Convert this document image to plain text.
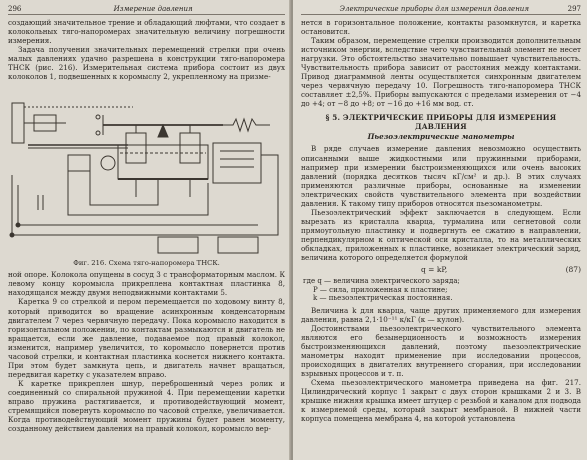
296	Измерение давления

создающий значительное трение и обладающий люфтами, что создает в колокольных тяго-напоромерах значительную величину погрешности измерения.

Задача получения значительных перемещений стрелки при очень малых давлениях удачно разрешена в конструкции тяго-напоромера ТНСК (рис. 216). Измерительная система прибора состоит из двух колоколов 1, подвешенных к коромыслу 2, укрепленному на призме-

Фиг. 216. Схема тяго-напоромера ТНСК.

ной опоре. Колокола опущены в сосуд 3 с трансформаторным маслом. К левому концу коромысла прикреплена контактная пластинка 8, находящаяся между двумя неподвижными контактами 5.

Каретка 9 со стрелкой и пером перемещается по ходовому винту 8, который приводится во вращение асинхронным конденсаторным двигателем 7 через червячную передачу. Пока коромысло находится в горизонтальном положении, по контактам размыкаются и двигатель не вращается, если же давление, подаваемое под правый колокол, изменится, например увеличится, то коромысло повернется против часовой стрелки, и контактная пластинка коснется нижнего контакта. При этом будет замкнута цепь, и двигатель начнет вращаться, передвигая каретку с указателем вправо.

К каретке прикреплен шнур, переброшенный через ролик и соединенный со спиральной пружиной 4. При перемещении каретки вправо пружина растягивается, и противодействующий момент, стремящийся повернуть коромысло по часовой стрелке, увеличивается. Когда противодействующий момент пружины будет равен моменту, созданному действием давления на правый колокол, коромысло вер-

Электрические приборы для измерения давления	297

нется в горизонтальное положение, контакты разомкнутся, и каретка остановится.

Таким образом, перемещение стрелки производится дополнительным источником энергии, вследствие чего чувствительный элемент не несет нагрузки. Это обстоятельство значительно повышает чувствительность. Чувствительность прибора зависит от расстояния между контактами. Привод диаграммной ленты осуществляется синхронным двигателем через червячную передачу 10. Погрешность тяго-напоромера ТНСК составляет ±2,5%. Приборы выпускаются с пределами измерения от −4 до +4; от −8 до +8; от −16 до +16 мм вод. ст.

§ 5. ЭЛЕКТРИЧЕСКИЕ ПРИБОРЫ ДЛЯ ИЗМЕРЕНИЯ ДАВЛЕНИЯ
Пьезоэлектрические манометры

В ряде случаев измерение давления невозможно осуществить описанными выше жидкостными или пружинными приборами, например при измерении быстроизменяющихся или очень высоких давлений (порядка десятков тысяч кГ/см² и др.). В этих случаях применяются различные приборы, основанные на изменении электрических свойств чувствительного элемента при воздействии давления. К такому типу приборов относятся пьезоманометры.

Пьезоэлектрический эффект заключается в следующем. Если вырезать из кристалла кварца, турмалина или сегнетовой соли прямоугольную пластинку и подвергнуть ее сжатию в направлении, перпендикулярном к оптической оси кристалла, то на металлических обкладках, приложенных к пластинке, возникает электрический заряд, величина которого определяется формулой

q = kP,	(87)
где q — величина электрического заряда;
P — сила, приложенная к пластине;
k — пьезоэлектрическая постоянная.

Величина k для кварца, чаще других применяемого для измерения давления, равна 2,1·10⁻¹¹ к/кГ (к — кулон).

Достоинствами пьезоэлектрического чувствительного элемента являются его безынерционность и возможность измерения быстроизменяющихся давлений, поэтому пьезоэлектрические манометры находят применение при исследовании процессов, происходящих в двигателях внутреннего сгорания, при исследовании взрывных процессов и т. п.

Схема пьезоэлектрического манометра приведена на фиг. 217. Цилиндрический корпус 1 закрыт с двух сторон крышками 2 и 3. В крышке нижняя крышка имеет штуцер с резьбой и каналом для подвода к измеряемой среды, который закрыт мембраной. В нижней части корпуса помещена мембрана 4, на которой установлена
